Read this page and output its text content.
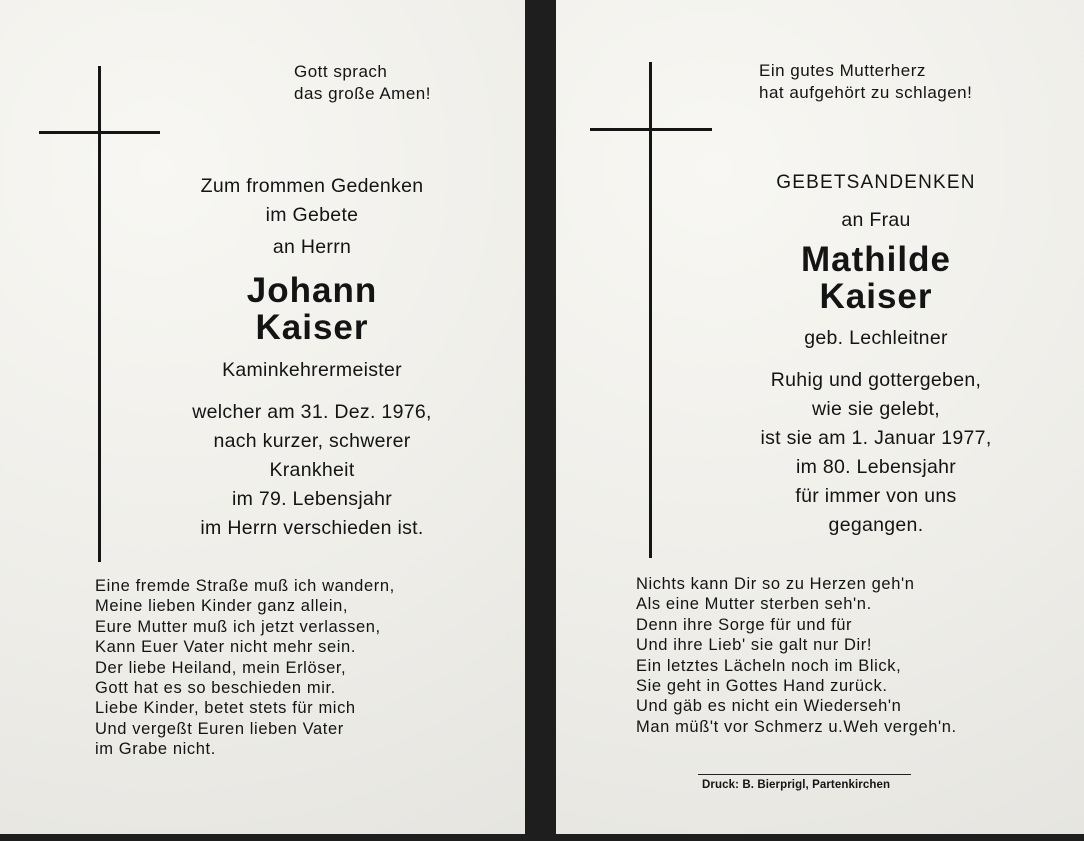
Gott sprach
das große Amen!
Zum frommen Gedenken
im Gebete
an Herrn
Johann
Kaiser
Kaminkehrermeister
welcher am 31. Dez. 1976,
nach kurzer, schwerer
Krankheit
im 79. Lebensjahr
im Herrn verschieden ist.
Eine fremde Straße muß ich wandern,
Meine lieben Kinder ganz allein,
Eure Mutter muß ich jetzt verlassen,
Kann Euer Vater nicht mehr sein.
Der liebe Heiland, mein Erlöser,
Gott hat es so beschieden mir.
Liebe Kinder, betet stets für mich
Und vergeßt Euren lieben Vater
im Grabe nicht.
Ein gutes Mutterherz
hat aufgehört zu schlagen!
GEBETSANDENKEN
an Frau
Mathilde
Kaiser
geb. Lechleitner
Ruhig und gottergeben,
wie sie gelebt,
ist sie am 1. Januar 1977,
im 80. Lebensjahr
für immer von uns
gegangen.
Nichts kann Dir so zu Herzen geh'n
Als eine Mutter sterben seh'n.
Denn ihre Sorge für und für
Und ihre Lieb' sie galt nur Dir!
Ein letztes Lächeln noch im Blick,
Sie geht in Gottes Hand zurück.
Und gäb es nicht ein Wiederseh'n
Man müß't vor Schmerz u.Weh vergeh'n.
Druck: B. Bierprigl, Partenkirchen
